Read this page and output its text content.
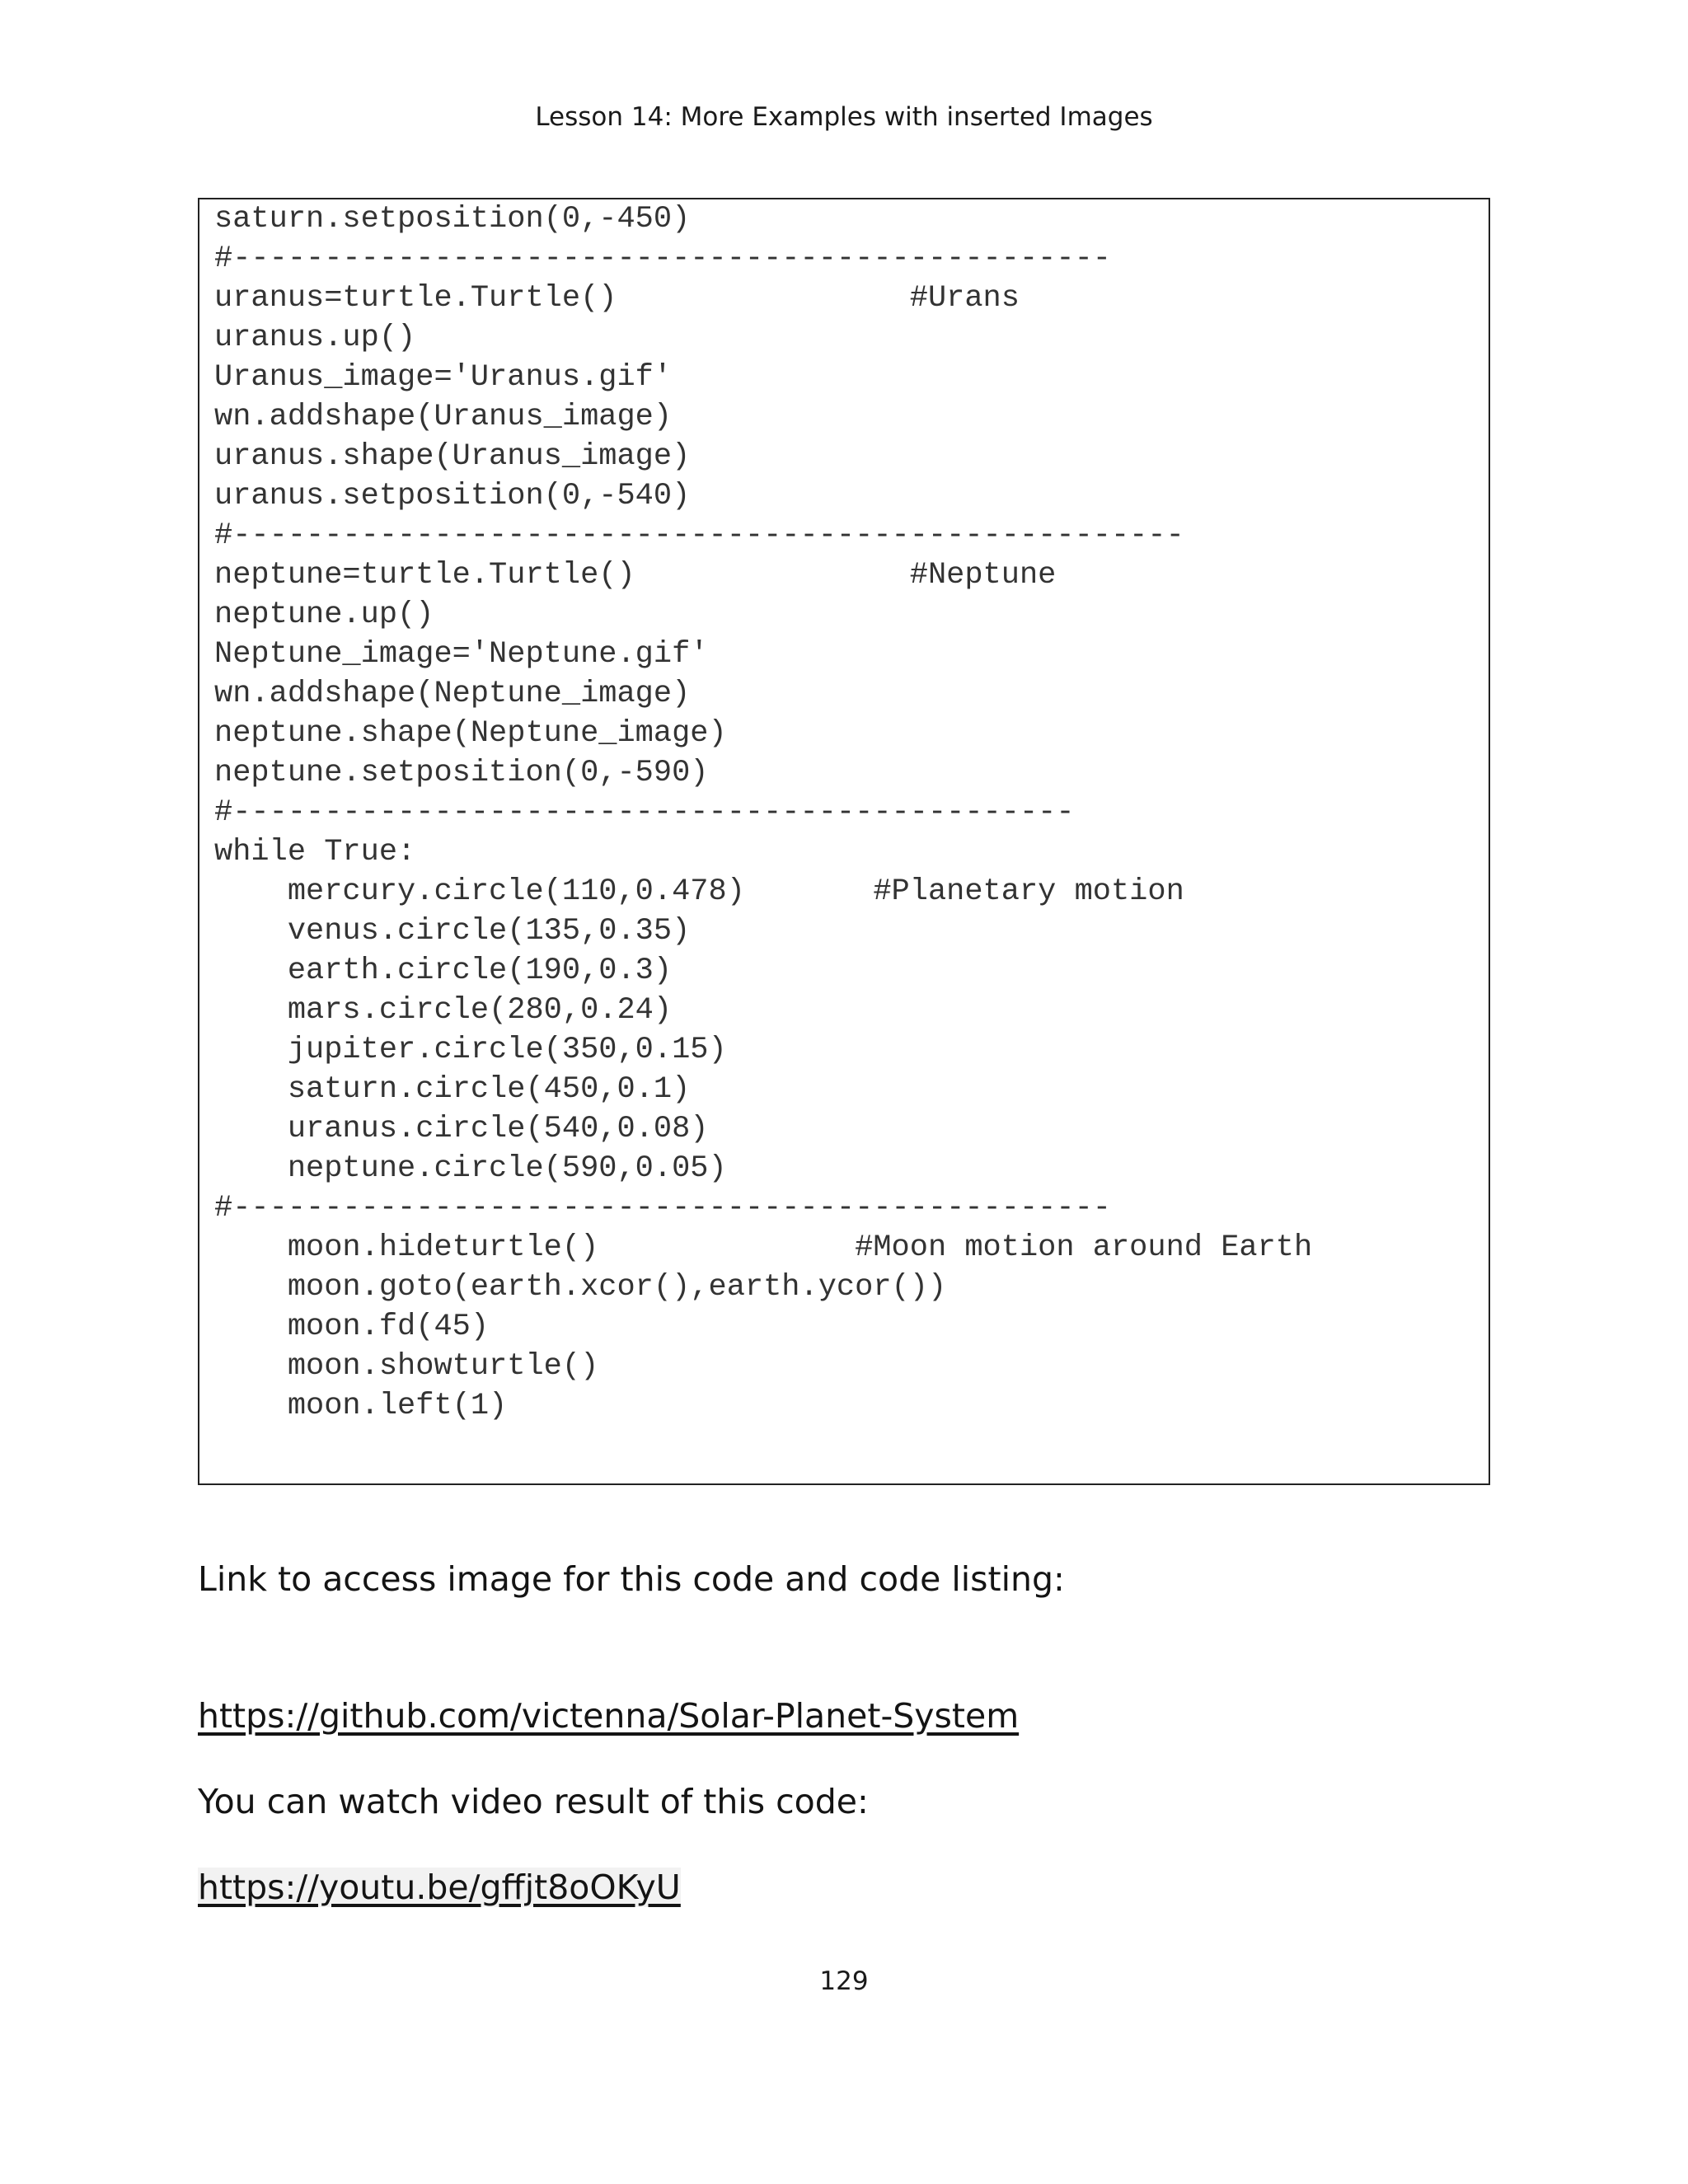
Lesson 14: More Examples with inserted Images
saturn.setposition(0,-450)
#------------------------------------------------
uranus=turtle.Turtle()                #Urans
uranus.up()
Uranus_image='Uranus.gif'
wn.addshape(Uranus_image)
uranus.shape(Uranus_image)
uranus.setposition(0,-540)
#----------------------------------------------------
neptune=turtle.Turtle()               #Neptune
neptune.up()
Neptune_image='Neptune.gif'
wn.addshape(Neptune_image)
neptune.shape(Neptune_image)
neptune.setposition(0,-590)
#----------------------------------------------
while True:
mercury.circle(110,0.478)       #Planetary motion
venus.circle(135,0.35)
earth.circle(190,0.3)
mars.circle(280,0.24)
jupiter.circle(350,0.15)
saturn.circle(450,0.1)
uranus.circle(540,0.08)
neptune.circle(590,0.05)
#------------------------------------------------
moon.hideturtle()              #Moon motion around Earth
moon.goto(earth.xcor(),earth.ycor())
moon.fd(45)
moon.showturtle()
moon.left(1)

Link to access image for this code and code listing:

https://github.com/victenna/Solar-Planet-System

You can watch video result of this code:

https://youtu.be/gffjt8oOKyU

129
